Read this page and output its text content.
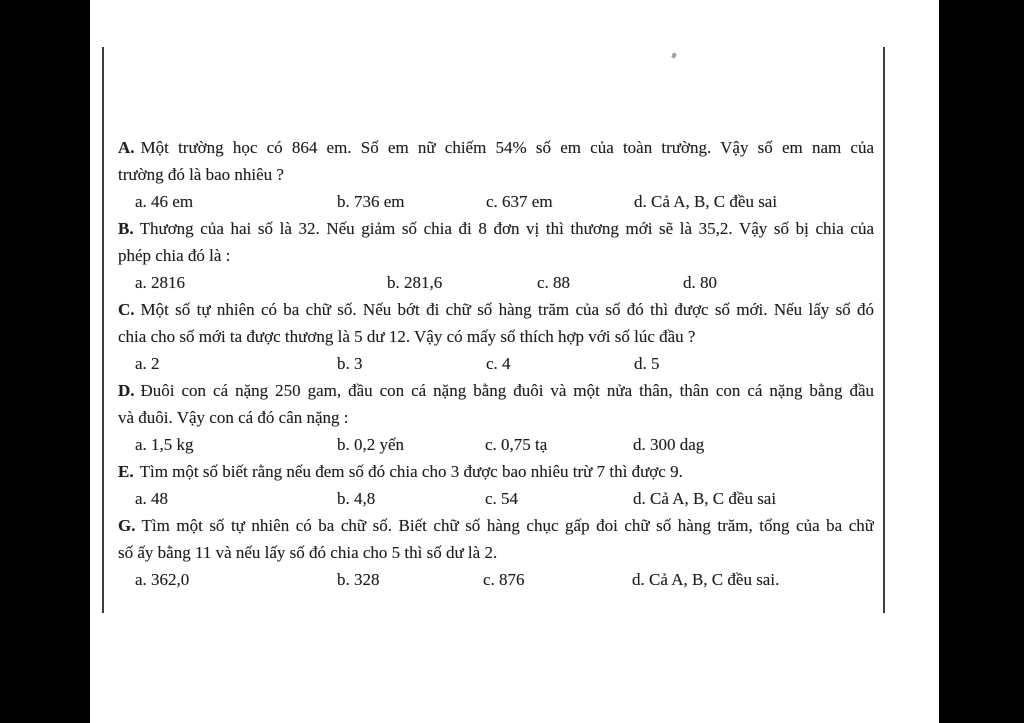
A. Một trường học có 864 em. Số em nữ chiếm 54% số em của toàn trường. Vậy số em nam của
trường đó là bao nhiêu ?
a. 46 em	b. 736 em	c. 637 em	d. Cả A, B, C đều sai
B. Thương của hai số là 32. Nếu giảm số chia đi 8 đơn vị thì thương mới sẽ là 35,2. Vậy số bị chia của
phép chia đó là :
a. 2816	b. 281,6	c. 88	d. 80
C. Một số tự nhiên có ba chữ số. Nếu bớt đi chữ số hàng trăm của số đó thì được số mới. Nếu lấy số đó
chia cho số mới ta được thương là 5 dư 12. Vậy có mấy số thích hợp với số lúc đầu ?
a. 2	b. 3	c. 4	d. 5
D. Đuôi con cá nặng 250 gam, đầu con cá nặng bằng đuôi và một nửa thân, thân con cá nặng bằng đầu
và đuôi. Vậy con cá đó cân nặng :
a. 1,5 kg	b. 0,2 yến	c. 0,75 tạ	d. 300 dag
E. Tìm một số biết rằng nếu đem số đó chia cho 3 được bao nhiêu trừ 7 thì được 9.
a. 48	b. 4,8	c. 54	d. Cả A, B, C đều sai
G. Tìm một số tự nhiên có ba chữ số. Biết chữ số hàng chục gấp đoi chữ số hàng trăm, tổng của ba chữ
số ấy bằng 11 và nếu lấy số đó chia cho 5 thì số dư là 2.
a. 362,0	b. 328	c. 876	d. Cả A, B, C đều sai.
